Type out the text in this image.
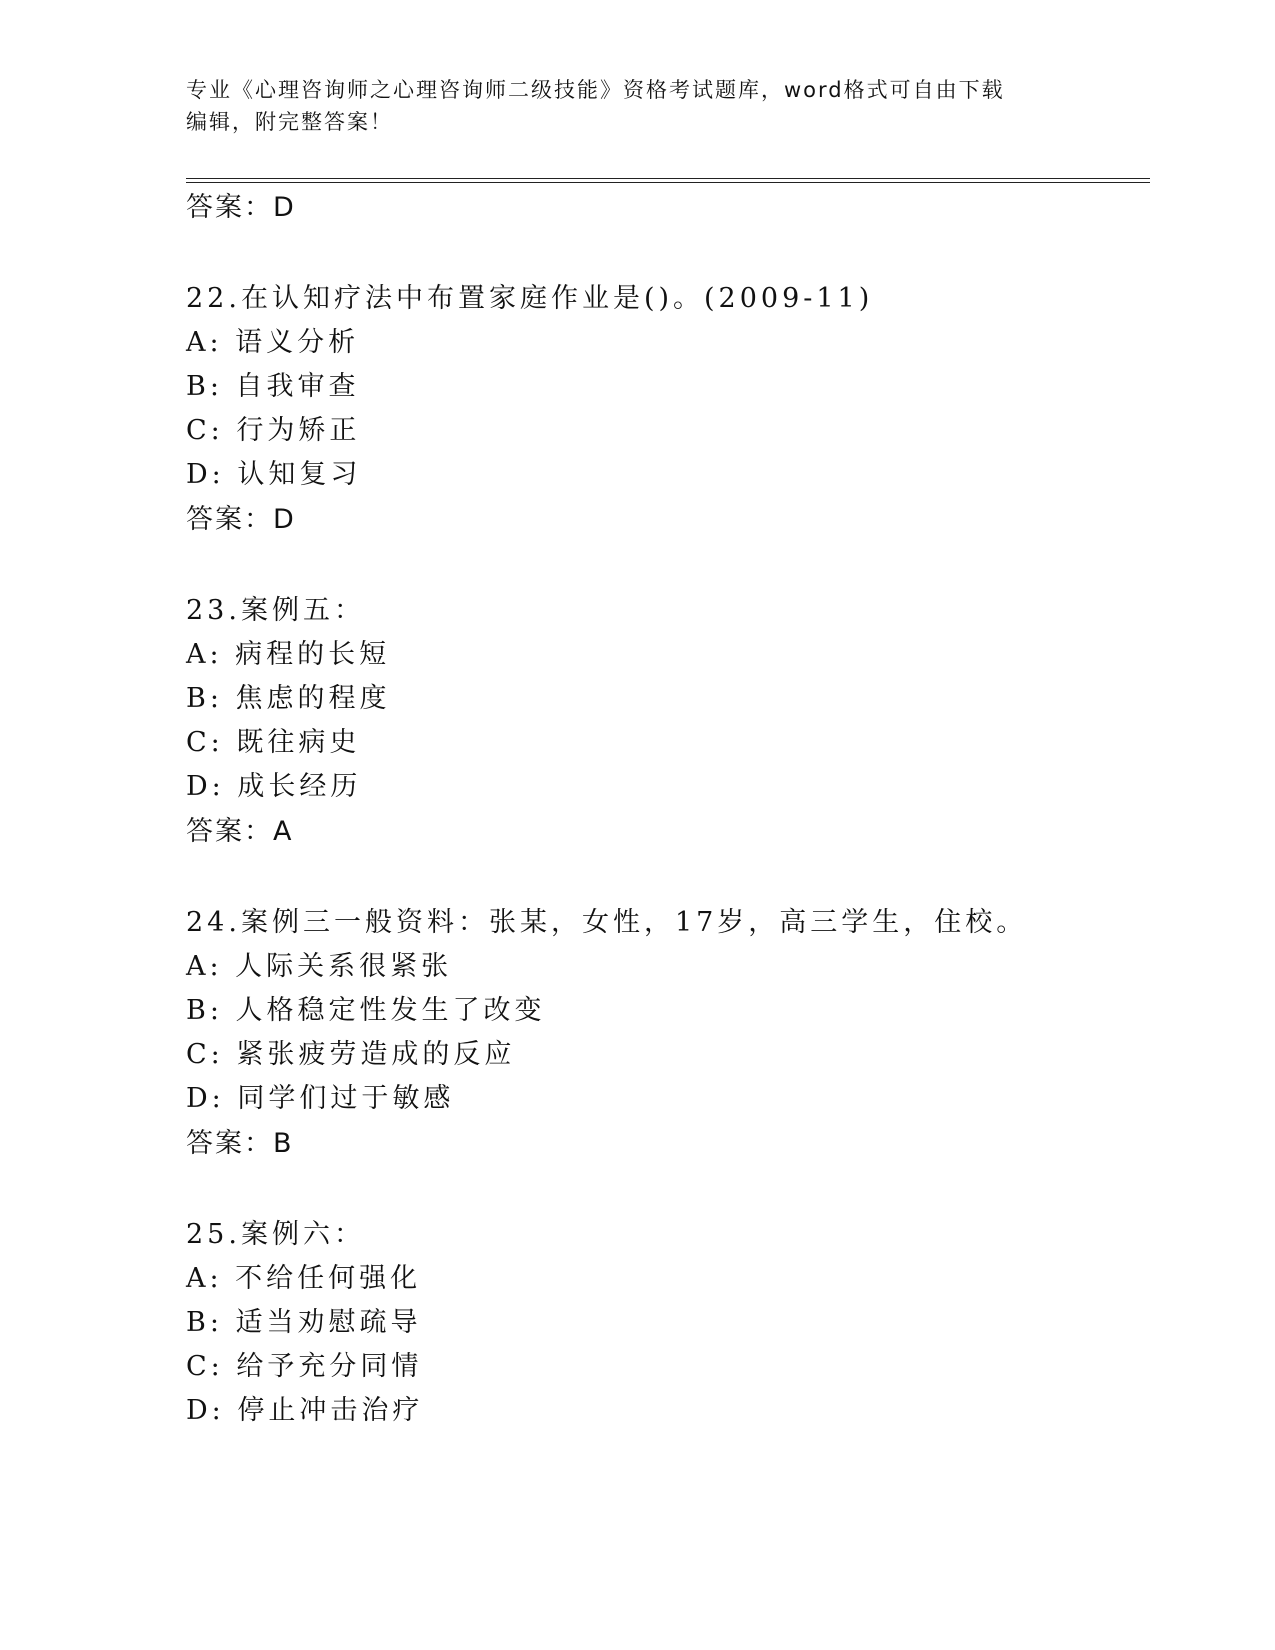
专业《心理咨询师之心理咨询师二级技能》资格考试题库，word格式可自由下载
编辑，附完整答案！
答案：D
22.在认知疗法中布置家庭作业是()。(2009-11)
A: 语义分析
B: 自我审查
C: 行为矫正
D: 认知复习
答案：D
23.案例五：
A: 病程的长短
B: 焦虑的程度
C: 既往病史
D: 成长经历
答案：A
24.案例三一般资料：张某，女性，17岁，高三学生，住校。
A: 人际关系很紧张
B: 人格稳定性发生了改变
C: 紧张疲劳造成的反应
D: 同学们过于敏感
答案：B
25.案例六：
A: 不给任何强化
B: 适当劝慰疏导
C: 给予充分同情
D: 停止冲击治疗
